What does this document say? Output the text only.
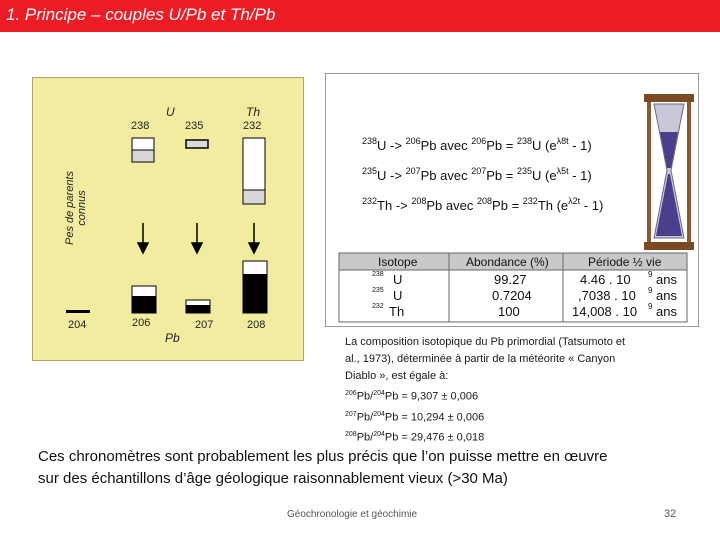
1. Principe – couples U/Pb et Th/Pb
Pes de parents connus
U	Th
238	235	232
204	206	207	208
Pb
$^{238}$U -> $^{206}$Pb avec $^{206}$Pb = $^{238}$U $(e^{\lambda 8t} - 1)$
$^{235}$U -> $^{207}$Pb avec $^{207}$Pb = $^{235}$U $(e^{\lambda 5t} - 1)$
$^{232}$Th -> $^{208}$Pb avec $^{208}$Pb = $^{232}$Th $(e^{\lambda 2t} - 1)$
Isotope	Abondance (%)	Période ½ vie
238 U	99.27	4.46 . 10 9 ans
235 U	0.7204	,7038 . 10 9 ans
232 Th	100	14,008 . 10 9 ans
La composition isotopique du Pb primordial (Tatsumoto et
al., 1973), déterminée à partir de la météorite « Canyon
Diablo », est égale à:
$^{206}$Pb/$^{204}$Pb = 9,307 ± 0,006
$^{207}$Pb/$^{204}$Pb = 10,294 ± 0,006
$^{208}$Pb/$^{204}$Pb = 29,476 ± 0,018
Ces chronomètres sont probablement les plus précis que l’on puisse mettre en œuvre
sur des échantillons d’âge géologique raisonnablement vieux (>30 Ma)
Géochronologie et géochimie	32
